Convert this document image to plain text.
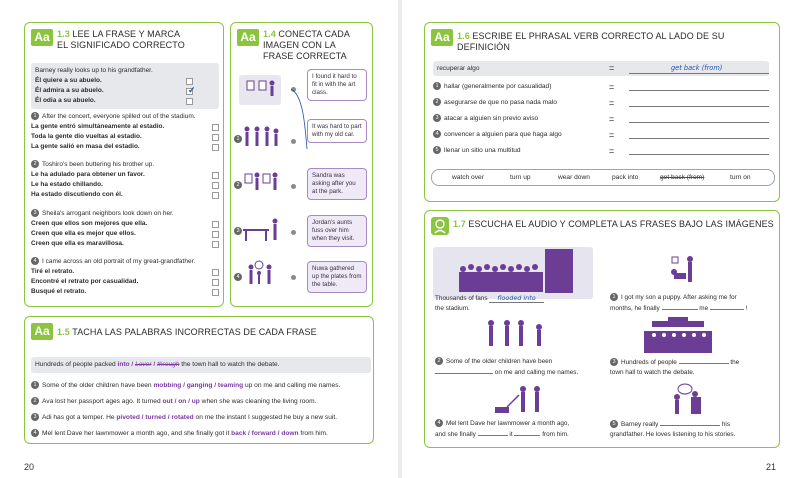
Aa 1.3 LEE LA FRASE Y MARCA
EL SIGNIFICADO CORRECTO
Barney really looks up to his grandfather.
Él quiere a su abuelo.
Él admira a su abuelo.	✓
Él odia a su abuelo.
1 After the concert, everyone spilled out of the stadium.
La gente entró simultáneamente al estadio.
Toda la gente dio vueltas al estadio.
La gente salió en masa del estadio.
2 Toshiro's been buttering his brother up.
Le ha adulado para obtener un favor.
Le ha estado chillando.
Ha estado discutiendo con él.
3 Sheila's arrogant neighbors look down on her.
Creen que ellos son mejores que ella.
Creen que ella es mejor que ellos.
Creen que ella es maravillosa.
4 I came across an old portrait of my great-grandfather.
Tiré el retrato.
Encontré el retrato por casualidad.
Busqué el retrato.
Aa 1.4 CONECTA CADA
IMAGEN CON LA
FRASE CORRECTA
I found it hard to fit in with the art class.
1
It was hard to part with my old car.
2
Sandra was asking after you at the park.
3
Jordan's aunts fuss over him when they visit.
4
Nuwa gathered up the plates from the table.
Aa 1.5 TACHA LAS PALABRAS INCORRECTAS DE CADA FRASE
Hundreds of people packed into / Lover / through the town hall to watch the debate.
1 Some of the older children have been mobbing / ganging / teaming up on me and calling me names.
2 Ava lost her passport ages ago. It turned out / on / up when she was cleaning the living room.
3 Adi has got a temper. He pivoted / turned / rotated on me the instant I suggested he buy a new suit.
4 Mel lent Dave her lawnmower a month ago, and she finally got it back / forward / down from him.
20
Aa 1.6 ESCRIBE EL PHRASAL VERB CORRECTO AL LADO DE SU DEFINICIÓN
recuperar algo	=	get back (from)
1 hallar (generalmente por casualidad)	=
2 asegurarse de que no pasa nada malo	=
3 atacar a alguien sin previo aviso	=
4 convencer a alguien para que haga algo	=
5 llenar un sitio una multitud	=
watch over	turn up	wear down	pack into	get back (from)	turn on
1.7 ESCUCHA EL AUDIO Y COMPLETA LAS FRASES BAJO LAS IMÁGENES
Thousands of fans flooded into
the stadium.
1 I got my son a puppy. After asking me for
months, he finally	me	!
2 Some of the older children have been
on me and calling me names.
3 Hundreds of people	the
town hall to watch the debate.
4 Mel lent Dave her lawnmower a month ago,
and she finally	it	from him.
5 Barney really	his
grandfather. He loves listening to his stories.
21
